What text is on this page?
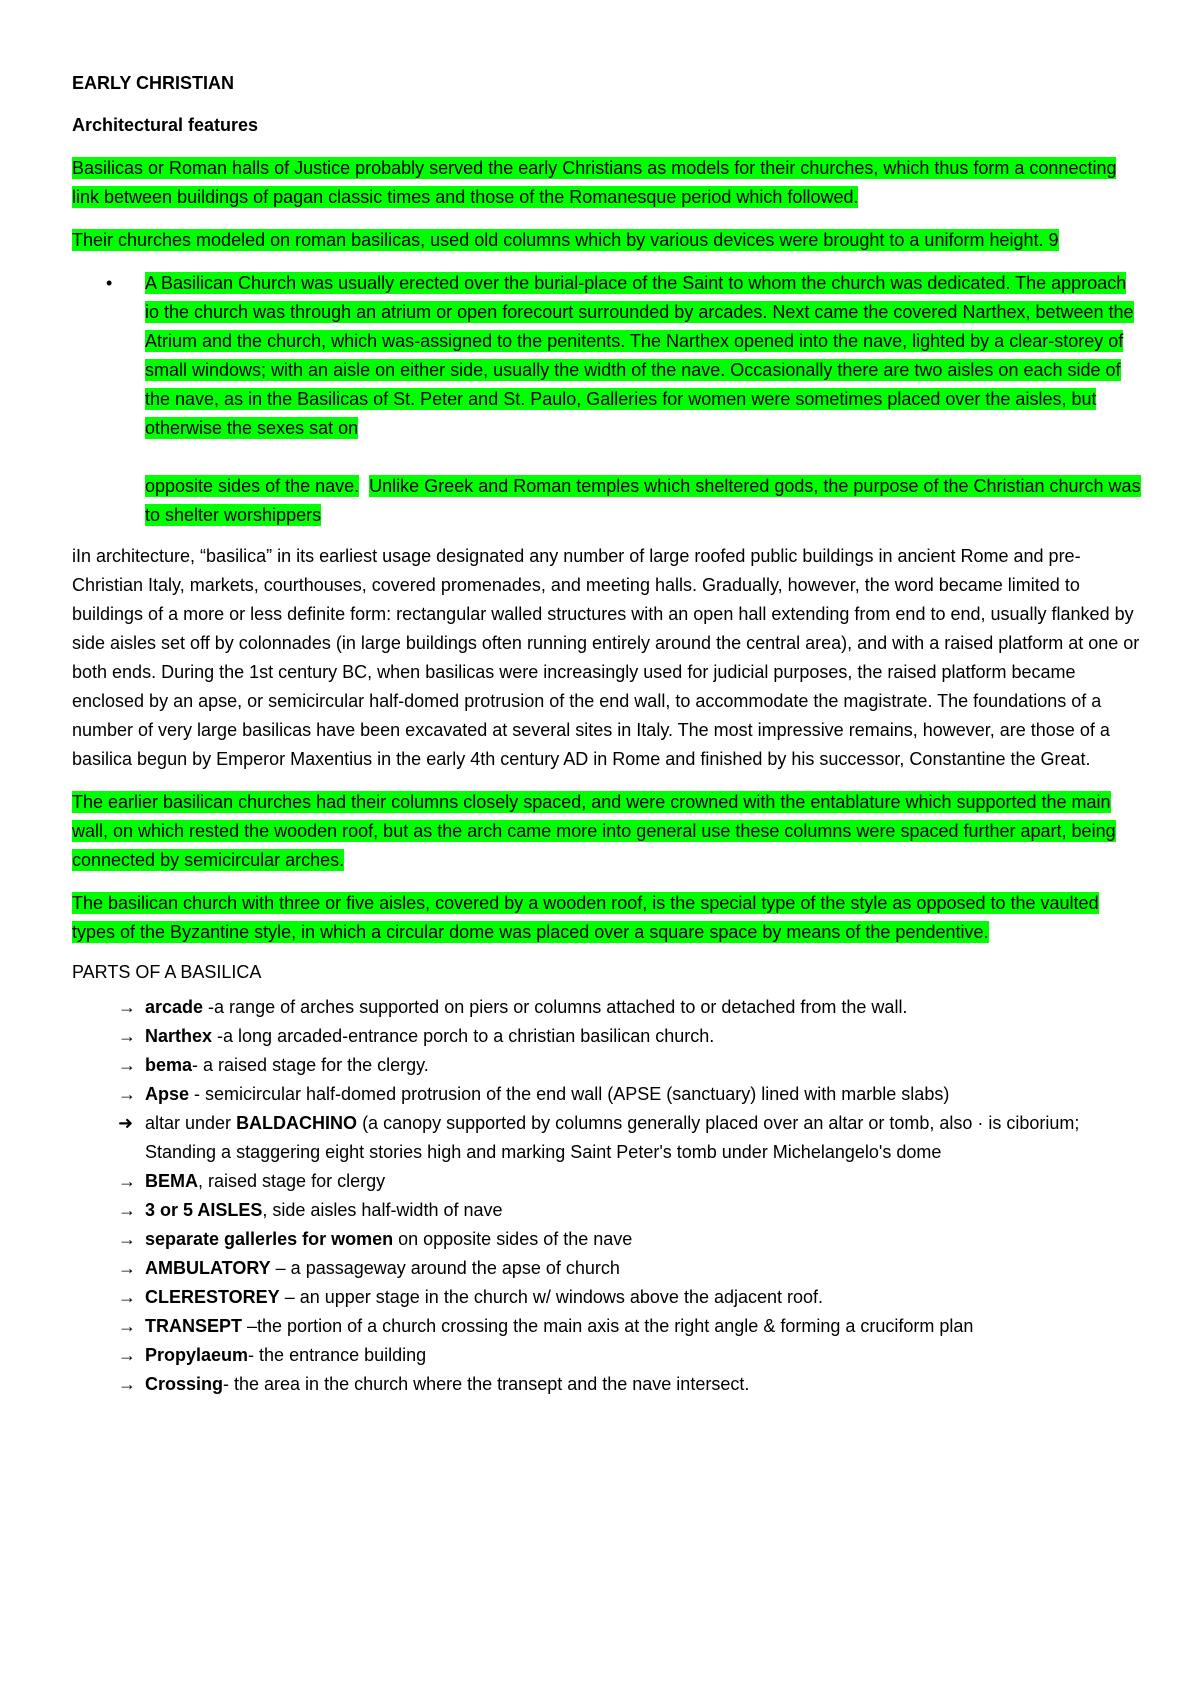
EARLY CHRISTIAN
Architectural features

Basilicas or Roman halls of Justice probably served the early Christians as models for their churches, which thus form a connecting link between buildings of pagan classic times and those of the Romanesque period which followed.

Their churches modeled on roman basilicas, used old columns which by various devices were brought to a uniform height. 9

• A Basilican Church was usually erected over the burial-place of the Saint to whom the church was dedicated. The approach io the church was through an atrium or open forecourt surrounded by arcades. Next came the covered Narthex, between the Atrium and the church, which was-assigned to the penitents. The Narthex opened into the nave, lighted by a clear-storey of small windows; with an aisle on either side, usually the width of the nave. Occasionally there are two aisles on each side of the nave, as in the Basilicas of St. Peter and St. Paulo, Galleries for women were sometimes placed over the aisles, but otherwise the sexes sat on
opposite sides of the nave. Unlike Greek and Roman temples which sheltered gods, the purpose of the Christian church was to shelter worshippers

iIn architecture, “basilica” in its earliest usage designated any number of large roofed public buildings in ancient Rome and pre-Christian Italy, markets, courthouses, covered promenades, and meeting halls. Gradually, however, the word became limited to buildings of a more or less definite form: rectangular walled structures with an open hall extending from end to end, usually flanked by side aisles set off by colonnades (in large buildings often running entirely around the central area), and with a raised platform at one or both ends. During the 1st century BC, when basilicas were increasingly used for judicial purposes, the raised platform became enclosed by an apse, or semicircular half-domed protrusion of the end wall, to accommodate the magistrate. The foundations of a number of very large basilicas have been excavated at several sites in Italy. The most impressive remains, however, are those of a basilica begun by Emperor Maxentius in the early 4th century AD in Rome and finished by his successor, Constantine the Great.

The earlier basilican churches had their columns closely spaced, and were crowned with the entablature which supported the main wall, on which rested the wooden roof, but as the arch came more into general use these columns were spaced further apart, being connected by semicircular arches.

The basilican church with three or five aisles, covered by a wooden roof, is the special type of the style as opposed to the vaulted types of the Byzantine style, in which a circular dome was placed over a square space by means of the pendentive.

PARTS OF A BASILICA
→ arcade -a range of arches supported on piers or columns attached to or detached from the wall.
→ Narthex -a long arcaded-entrance porch to a christian basilican church.
→ bema- a raised stage for the clergy.
→ Apse - semicircular half-domed protrusion of the end wall (APSE (sanctuary) lined with marble slabs)
➜ altar under BALDACHINO (a canopy supported by columns generally placed over an altar or tomb, also · is ciborium; Standing a staggering eight stories high and marking Saint Peter's tomb under Michelangelo's dome
→ BEMA, raised stage for clergy
→ 3 or 5 AISLES, side aisles half-width of nave
→ separate gallerles for women on opposite sides of the nave
→ AMBULATORY – a passageway around the apse of church
→ CLERESTOREY – an upper stage in the church w/ windows above the adjacent roof.
→ TRANSEPT –the portion of a church crossing the main axis at the right angle & forming a cruciform plan
→ Propylaeum- the entrance building
→ Crossing- the area in the church where the transept and the nave intersect.
